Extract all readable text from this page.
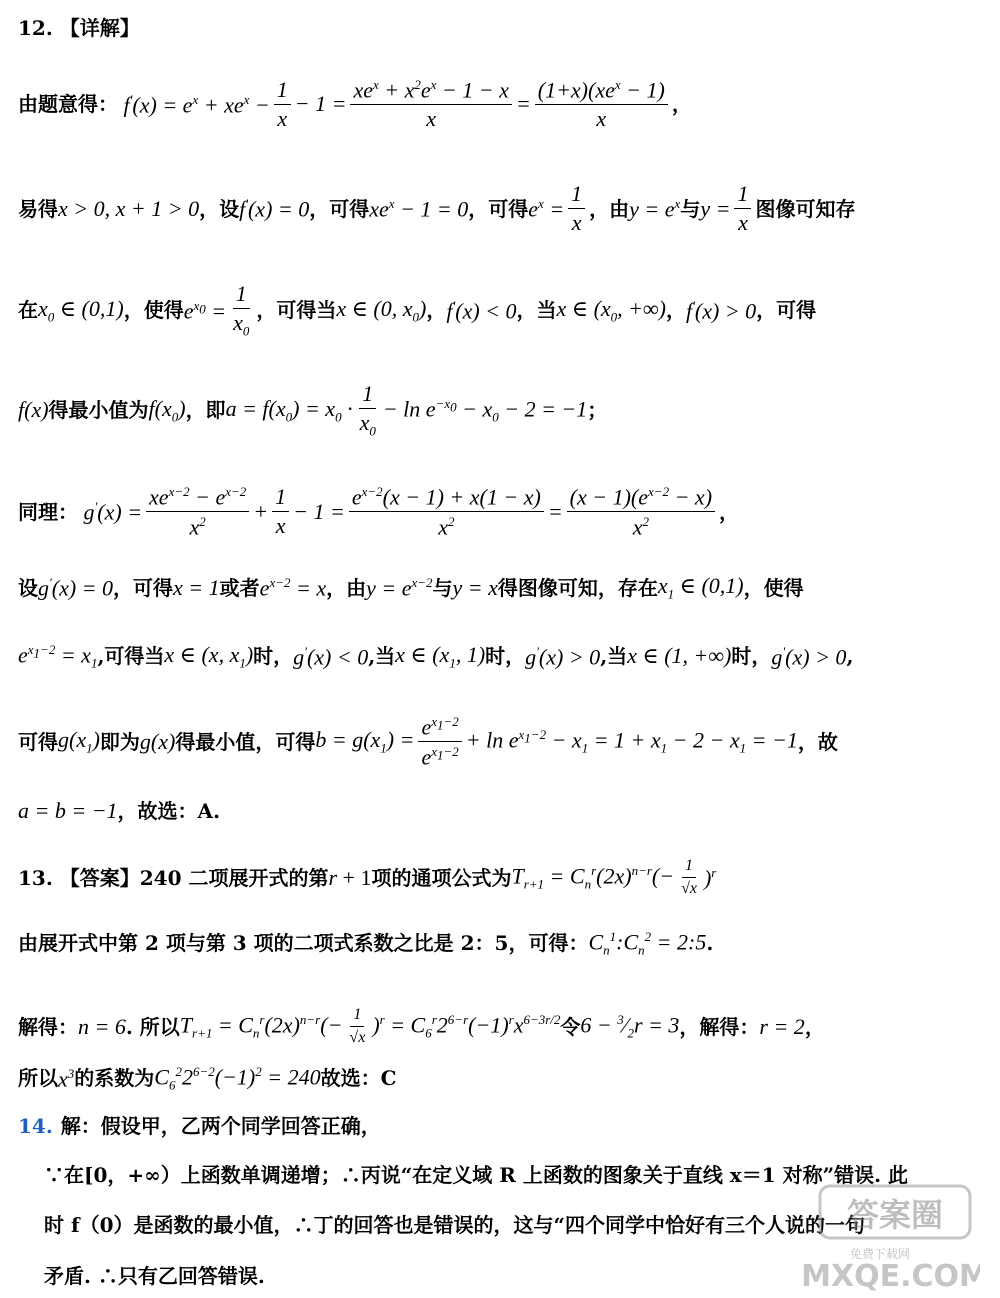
12. 【详解】
由题意得： $f'(x) = e^x + xe^x - \frac{1}{x} - 1 = \frac{xe^x + x^2e^x - 1 - x}{x} = \frac{(1+x)(xe^x - 1)}{x}$ ，
易得 x > 0, x + 1 > 0 ，设 f'(x) = 0 ，可得 $xe^x - 1 = 0$ ，可得 $e^x = \frac{1}{x}$ ，由 $y = e^x$ 与 $y = \frac{1}{x}$ 图像可知存
在 $x_0$ ∈ (0,1) ，使得 $e^{x_0} = \frac{1}{x_0}$ ，可得当 x ∈ (0, $x_0$) ， f'(x) < 0 ，当 x ∈ ($x_0$, +∞) ， f'(x) > 0 ，可得
f(x) 得最小值为 $f(x_0)$ ，即 $a = f(x_0) = x_0 \cdot \frac{1}{x_0} - \ln e^{-x_0} - x_0 - 2 = -1$ ；
同理： $g'(x) = \frac{xe^{x-2} - e^{x-2}}{x^2} + \frac{1}{x} - 1 = \frac{e^{x-2}(x - 1) + x(1 - x)}{x^2} = \frac{(x - 1)(e^{x-2} - x)}{x^2}$ ，
设 g'(x) = 0 ，可得 x = 1 或者 $e^{x-2} = x$ ，由 $y = e^{x-2}$ 与 y = x 得图像可知，存在 $x_1$ ∈ (0,1) ，使得
$e^{x_1-2} = x_1$ ,可得当 x ∈ (x, $x_1$) 时， g'(x) < 0 ,当 x ∈ ($x_1$, 1) 时， g'(x) > 0 ,当 x ∈ (1, +∞) 时， g'(x) > 0 ,
可得 $g(x_1)$ 即为 g(x) 得最小值，可得 $b = g(x_1) = \frac{e^{x_1-2}}{e^{x_1-2}} + \ln e^{x_1-2} - x_1 = 1 + x_1 - 2 - x_1 = -1$ ，故
a = b = −1 ，故选： A.
13. 【答案】240 二项展开式的第 r + 1 项的通项公式为 $T_{r+1} = C_n^r(2x)^{n-r}(- \frac{1}{√x} )^r$
由展开式中第 2 项与第 3 项的二项式系数之比是 2：5，可得： $C_n^1:C_n^2$ = 2:5 .
解得： n = 6 . 所以 $T_{r+1} = C_n^r(2x)^{n-r}(- \frac{1}{√x} )^r = C_6^r2^{6-r}(-1)^rx^{6-3r/2}$ 令 $6 - ^3⁄_2r = 3$ ，解得： r = 2 ，
所以 $x^3$ 的系数为 $C_6^22^{6-2}(-1)^2 = 240$ 故选：C
14. 解：假设甲，乙两个同学回答正确，
∵在[0，+∞）上函数单调递增；∴丙说“在定义域 R 上函数的图象关于直线 x＝1 对称”错误. 此
时 f（0）是函数的最小值，∴丁的回答也是错误的，这与“四个同学中恰好有三个人说的一句
矛盾. ∴只有乙回答错误.
答案圈
免费下载网
MXQE.COM
